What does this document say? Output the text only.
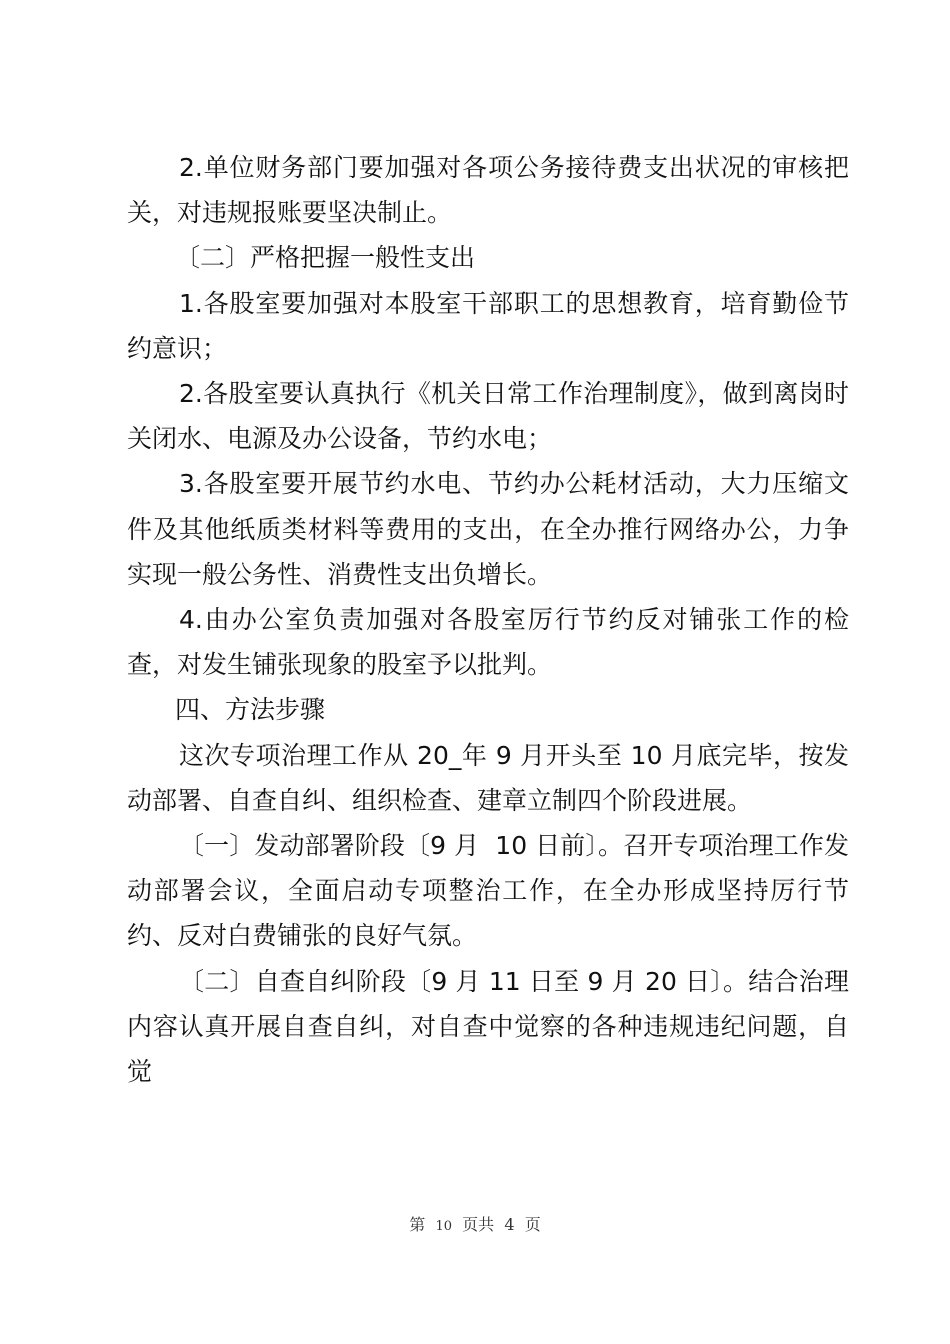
2.单位财务部门要加强对各项公务接待费支出状况的审核把关，对违规报账要坚决制止。

〔二〕严格把握一般性支出

1.各股室要加强对本股室干部职工的思想教育，培育勤俭节约意识；

2.各股室要认真执行《机关日常工作治理制度》，做到离岗时 关闭水、电源及办公设备，节约水电；

3.各股室要开展节约水电、节约办公耗材活动，大力压缩文件及其他纸质类材料等费用的支出，在全办推行网络办公，力争 实现一般公务性、消费性支出负增长。

4.由办公室负责加强对各股室厉行节约反对铺张工作的检查，对发生铺张现象的股室予以批判。

四、方法步骤

这次专项治理工作从 20_年 9 月开头至 10 月底完毕，按发动部署、自查自纠、组织检查、建章立制四个阶段进展。

〔一〕发动部署阶段〔9 月  10 日前〕。召开专项治理工作发动部署会议，全面启动专项整治工作，在全办形成坚持厉行节约、反对白费铺张的良好气氛。

〔二〕自查自纠阶段〔9 月 11 日至 9 月 20 日〕。结合治理内容认真开展自查自纠，对自查中觉察的各种违规违纪问题，自觉

第  10  页共  4  页
